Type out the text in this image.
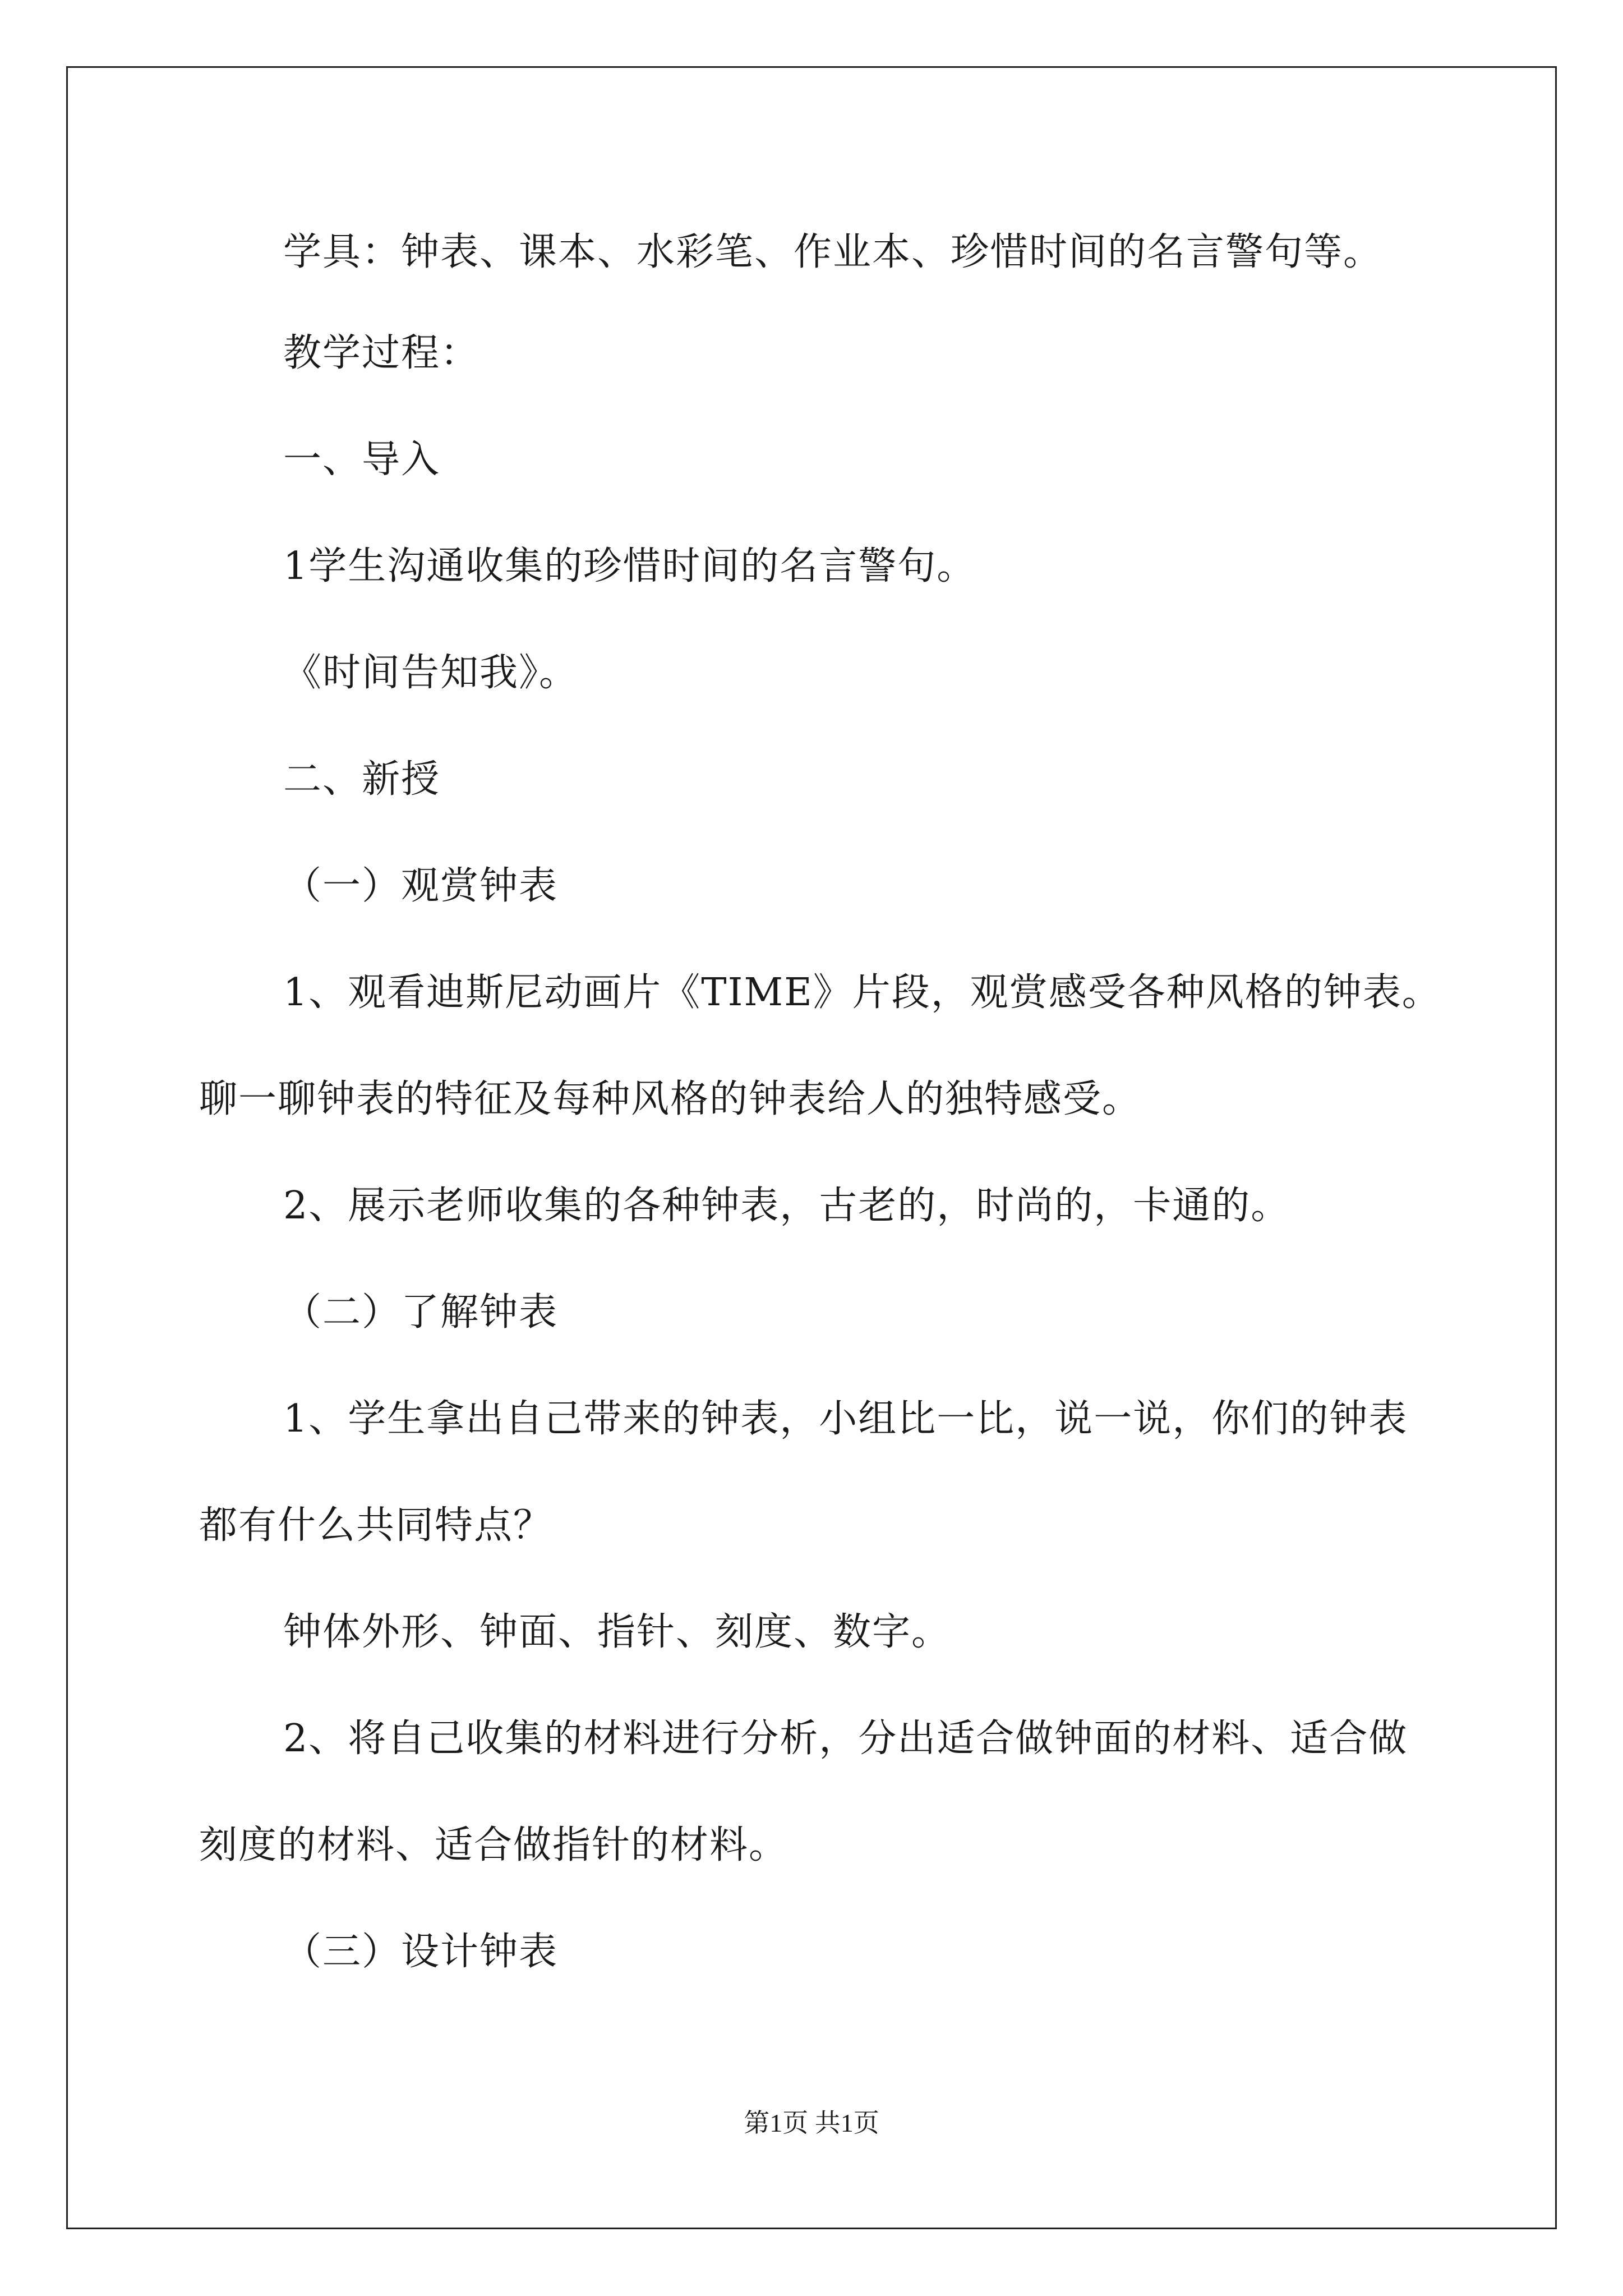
学具：钟表、课本、水彩笔、作业本、珍惜时间的名言警句等。
教学过程：
一、导入
1学生沟通收集的珍惜时间的名言警句。
《时间告知我》。
二、新授
（一）观赏钟表
1、观看迪斯尼动画片《TIME》片段，观赏感受各种风格的钟表。
聊一聊钟表的特征及每种风格的钟表给人的独特感受。
2、展示老师收集的各种钟表，古老的，时尚的，卡通的。
（二）了解钟表
1、学生拿出自己带来的钟表，小组比一比，说一说，你们的钟表
都有什么共同特点？
钟体外形、钟面、指针、刻度、数字。
2、将自己收集的材料进行分析，分出适合做钟面的材料、适合做
刻度的材料、适合做指针的材料。
（三）设计钟表
第1页 共1页
